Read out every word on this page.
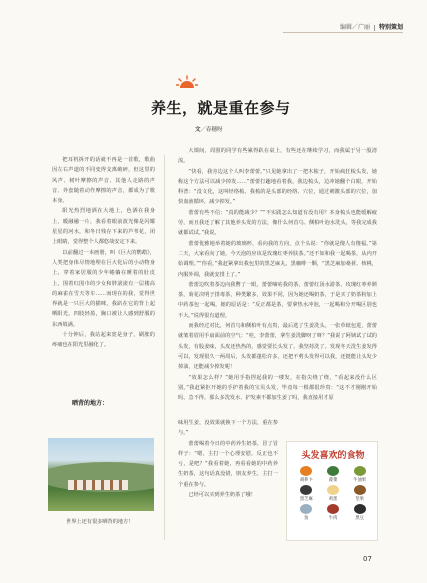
编辑／广丽 特别策划
养生，就是重在参与
文／春穗呀

把耳机拆开的话就不再是一首歌，歌曲因左右声道的不同变得支离破碎，但这里的风声、树叶摩擦的声音、其他人走路的声音、外套随着动作摩擦的声音，都成为了歌本身。

阳光热烈地洒在大地上，色洒在我身上，暖融融一片，我看着眼前波光像是闪耀星星的河水，和冬日残存下来的芦苇花，闭上眼睛，觉得整个人都悠哉安定下来。

以前翻过一本画册，叫《巨大的鹦鹉》，人类把身体尽情地埋在巨大化后的小动物身上，穿着家居服的少年蜷躺在睡着的肚皮上，围着红围巾的少女和胖滚滚有一层楼高的麻雀在雪天等车……而现在的我，觉得世界就是一只巨大的猫咪，我趴在它的背上起晒阳光，四肢轻盈，胸口被让人感到舒服的东西填满。

十分钟后，我站起来宽是身子，刷胀的疼痛也在阳光里融化了。

晒背的地方：
世界上还有很多晒背的地方！

大课间，周围的同学有些累得趴在桌上，有些还在继续学习，而我属于另一股清流。

“快看，我旁边这个人叫李蕾蕾。”只见她拿出了一把木梳子，开始疯狂梳头发，她称这个方法可以减少掉发……”蕾蕾打趣地看着我。我边梳头，边冲她翻个白眼，开始科普：“没文化，这叫经络梳，我梳的是头部的经络、穴位，通过刺激头部的穴位，加快血液循环，减少掉发。”

蕾蕾有些不信：“真的能减少？”“不实践怎么知道有没有用？本身梳头也能缓解疲劳，而且我还了解了其他养头发的方法，像什么何首乌、侧柏叶泡水洗头，等我完成我就都试试。”我说。

蕾蕾优雅地举着她的玻璃杯，看向我的方向，点个头说：“你就是傻人有傻福。”第二天，大家看向了她，今天泡的应该是玫瑰红枣养肤茶。”还不如和我一起喝茶，从内开始调理。”“你看，”我赶紧拿出我包里的黑芝麻丸，黑咖啡一颗，“黑芝麻加桑葚、核桃，内服外调，我就安排上了。”

蕾蕾边吹着茶边向我瞥了一眼，蕾蕾嘀咕我的茶，蕾蕾红汤水游茶，玫瑰红枣养颜茶，菊花决明子排毒茶，种类繁多，效果不同，因为她还喝奶茶，于是买了奶茶粉加上中药茶包一起喝。她的原话是：“反正都是茶，要拿热水冲泡，一起喝和分开喝区别也不大。”说得很有道理。

而我经过对比，何首乌和侧柏叶有点贵，最后选了生姜洗头。一张草纸包进，蕾蕾就皱着眉用手扇面前的空气：“哇，李蕾蕾，拿生姜洗脚呀了呀？”我说了阿姨试了试的头发，有股姜味，头皮还热热的，感觉要长头发了。我坚持洗了。发现冬天洗生姜发得可以，发现很久一两周后，头发都蓬松许多，还把不剪头发得可以我，还挺能让头发少掉油，还能减少掉发呢！

“效果怎么样？”她用手指捏起我的一缕发，在指尖绕了绕，“看起来没什么区别。”我赶紧拒开她的手护着我的宝贝头发，毕竟每一根都很珍贵：“这不才刚刚开始吗，急不得。那么多洗发水、护发素不都加生姜了吗，我直接用才原

味用生姜，没效果就换下一个方法，重在参与。”

蕾蕾喝着今日的中药养生奶茶，冒了冒样子：“嗯，主打一个心理安慰，反正也不亏，是吧？”我看着她，再看看她的中药养生奶茶，这句话真没错，朋友养生，主打一个重在参与。

已经可以买到养生奶茶了哦！

头发喜欢的食物
胡萝卜	菠菜	牛油果
黑芝麻	鸡蛋	坚果
鱼	牛肉	黑豆
07
